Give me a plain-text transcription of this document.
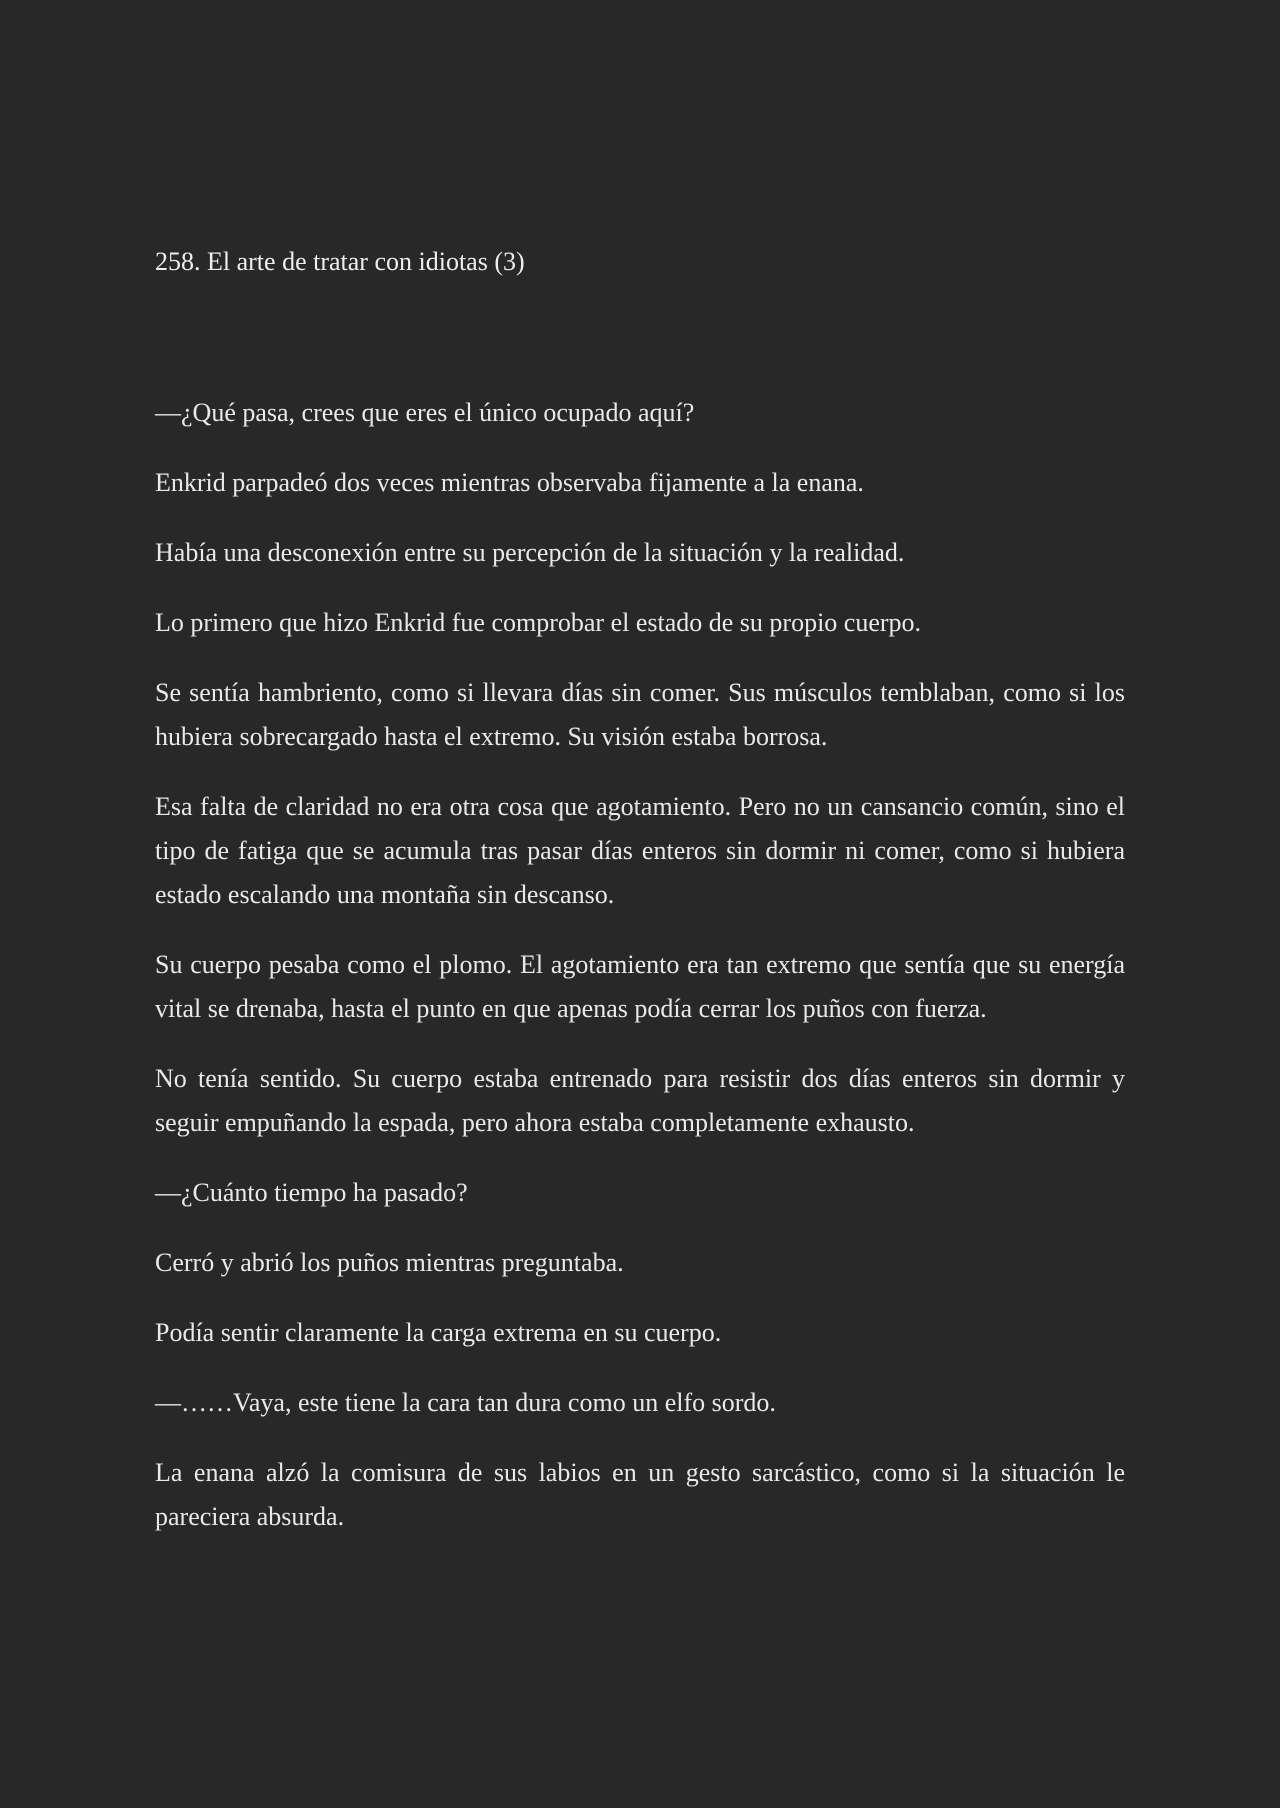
258. El arte de tratar con idiotas (3)

—¿Qué pasa, crees que eres el único ocupado aquí?

Enkrid parpadeó dos veces mientras observaba fijamente a la enana.

Había una desconexión entre su percepción de la situación y la realidad.

Lo primero que hizo Enkrid fue comprobar el estado de su propio cuerpo.

Se sentía hambriento, como si llevara días sin comer. Sus músculos temblaban, como si los hubiera sobrecargado hasta el extremo. Su visión estaba borrosa.

Esa falta de claridad no era otra cosa que agotamiento. Pero no un cansancio común, sino el tipo de fatiga que se acumula tras pasar días enteros sin dormir ni comer, como si hubiera estado escalando una montaña sin descanso.

Su cuerpo pesaba como el plomo. El agotamiento era tan extremo que sentía que su energía vital se drenaba, hasta el punto en que apenas podía cerrar los puños con fuerza.

No tenía sentido. Su cuerpo estaba entrenado para resistir dos días enteros sin dormir y seguir empuñando la espada, pero ahora estaba completamente exhausto.

—¿Cuánto tiempo ha pasado?

Cerró y abrió los puños mientras preguntaba.

Podía sentir claramente la carga extrema en su cuerpo.

—……Vaya, este tiene la cara tan dura como un elfo sordo.

La enana alzó la comisura de sus labios en un gesto sarcástico, como si la situación le pareciera absurda.
